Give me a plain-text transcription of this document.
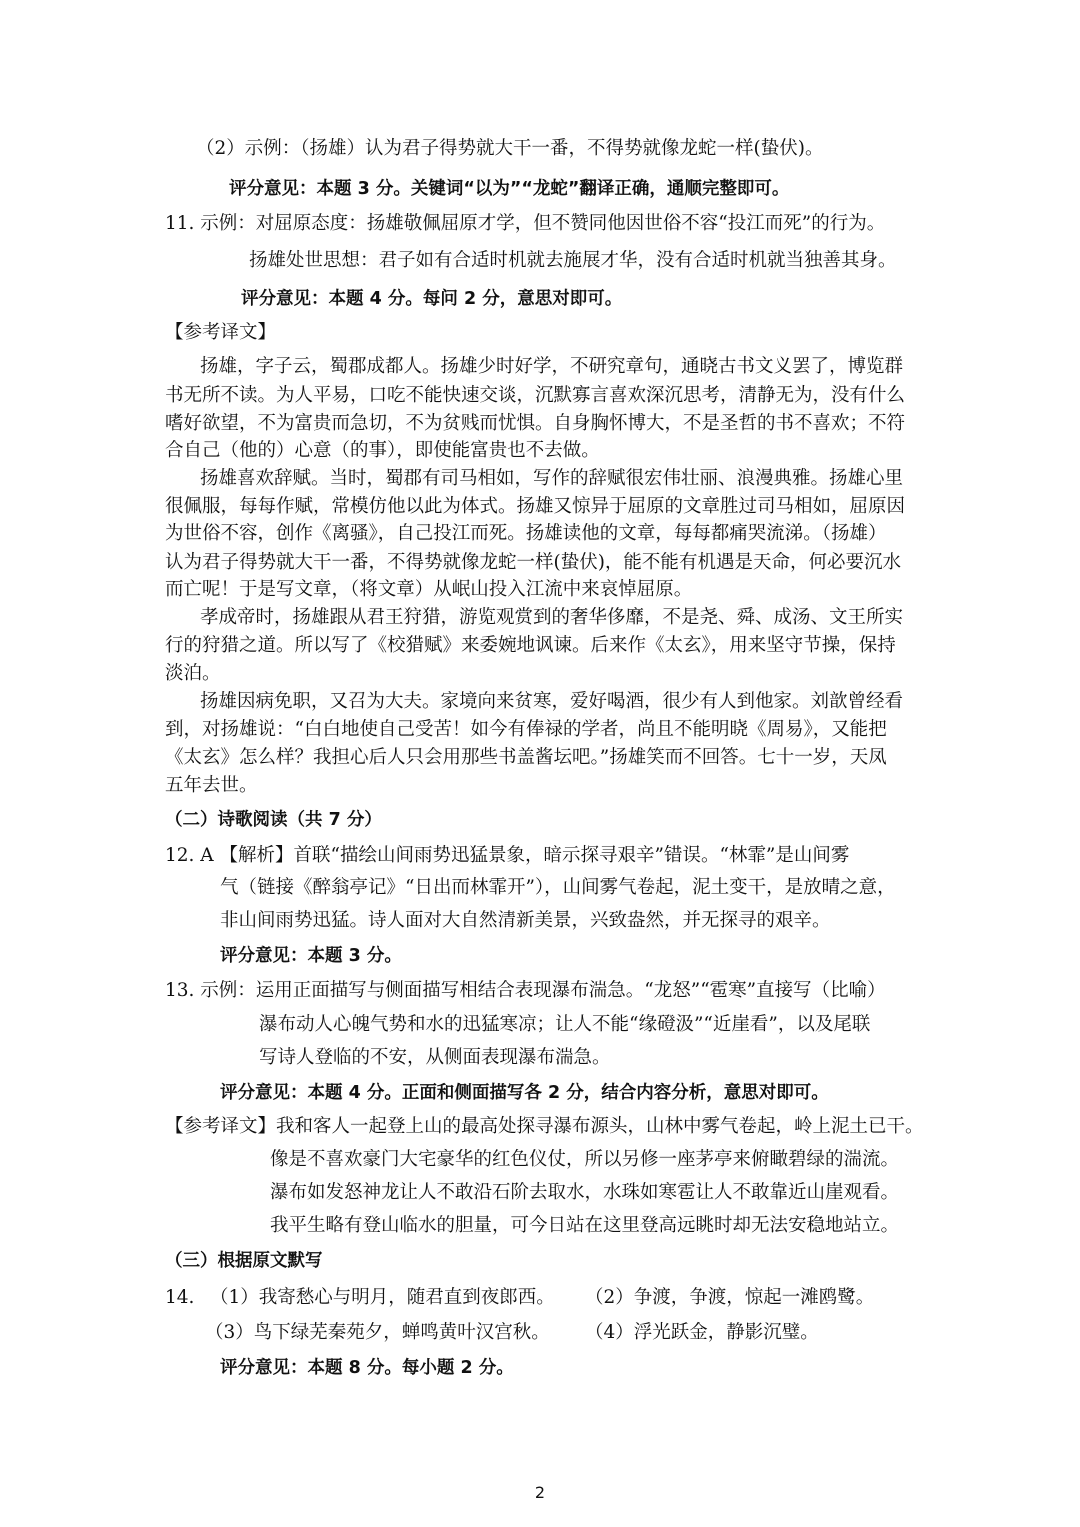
（2）示例：（扬雄）认为君子得势就大干一番，不得势就像龙蛇一样(蛰伏)。
评分意见：本题 3 分。关键词“以为”“龙蛇”翻译正确，通顺完整即可。
11. 示例：对屈原态度：扬雄敬佩屈原才学，但不赞同他因世俗不容“投江而死”的行为。
扬雄处世思想：君子如有合适时机就去施展才华，没有合适时机就当独善其身。
评分意见：本题 4 分。每问 2 分，意思对即可。
【参考译文】
扬雄，字子云，蜀郡成都人。扬雄少时好学，不研究章句，通晓古书文义罢了，博览群
书无所不读。为人平易，口吃不能快速交谈，沉默寡言喜欢深沉思考，清静无为，没有什么
嗜好欲望，不为富贵而急切，不为贫贱而忧惧。自身胸怀博大，不是圣哲的书不喜欢；不符
合自己（他的）心意（的事），即使能富贵也不去做。
扬雄喜欢辞赋。当时，蜀郡有司马相如，写作的辞赋很宏伟壮丽、浪漫典雅。扬雄心里
很佩服，每每作赋，常模仿他以此为体式。扬雄又惊异于屈原的文章胜过司马相如，屈原因
为世俗不容，创作《离骚》，自己投江而死。扬雄读他的文章，每每都痛哭流涕。（扬雄）
认为君子得势就大干一番，不得势就像龙蛇一样(蛰伏)，能不能有机遇是天命，何必要沉水
而亡呢！于是写文章，（将文章）从岷山投入江流中来哀悼屈原。
孝成帝时，扬雄跟从君王狩猎，游览观赏到的奢华侈靡，不是尧、舜、成汤、文王所实
行的狩猎之道。所以写了《校猎赋》来委婉地讽谏。后来作《太玄》，用来坚守节操，保持
淡泊。
扬雄因病免职，又召为大夫。家境向来贫寒，爱好喝酒，很少有人到他家。刘歆曾经看
到，对扬雄说：“白白地使自己受苦！如今有俸禄的学者，尚且不能明晓《周易》，又能把
《太玄》怎么样？我担心后人只会用那些书盖酱坛吧。”扬雄笑而不回答。七十一岁，天凤
五年去世。
（二）诗歌阅读（共 7 分）
12. A 【解析】首联“描绘山间雨势迅猛景象，暗示探寻艰辛”错误。“林霏”是山间雾
气（链接《醉翁亭记》“日出而林霏开”），山间雾气卷起，泥土变干，是放晴之意，
非山间雨势迅猛。诗人面对大自然清新美景，兴致盎然，并无探寻的艰辛。
评分意见：本题 3 分。
13. 示例：运用正面描写与侧面描写相结合表现瀑布湍急。“龙怒”“雹寒”直接写（比喻）
瀑布动人心魄气势和水的迅猛寒凉；让人不能“缘磴汲”“近崖看”，以及尾联
写诗人登临的不安，从侧面表现瀑布湍急。
评分意见：本题 4 分。正面和侧面描写各 2 分，结合内容分析，意思对即可。
【参考译文】我和客人一起登上山的最高处探寻瀑布源头，山林中雾气卷起，岭上泥土已干。
像是不喜欢豪门大宅豪华的红色仪仗，所以另修一座茅亭来俯瞰碧绿的湍流。
瀑布如发怒神龙让人不敢沿石阶去取水，水珠如寒雹让人不敢靠近山崖观看。
我平生略有登山临水的胆量，可今日站在这里登高远眺时却无法安稳地站立。
（三）根据原文默写
14. （1）我寄愁心与明月，随君直到夜郎西。 （2）争渡，争渡，惊起一滩鸥鹭。
（3）鸟下绿芜秦苑夕，蝉鸣黄叶汉宫秋。 （4）浮光跃金，静影沉璧。
评分意见：本题 8 分。每小题 2 分。
2
